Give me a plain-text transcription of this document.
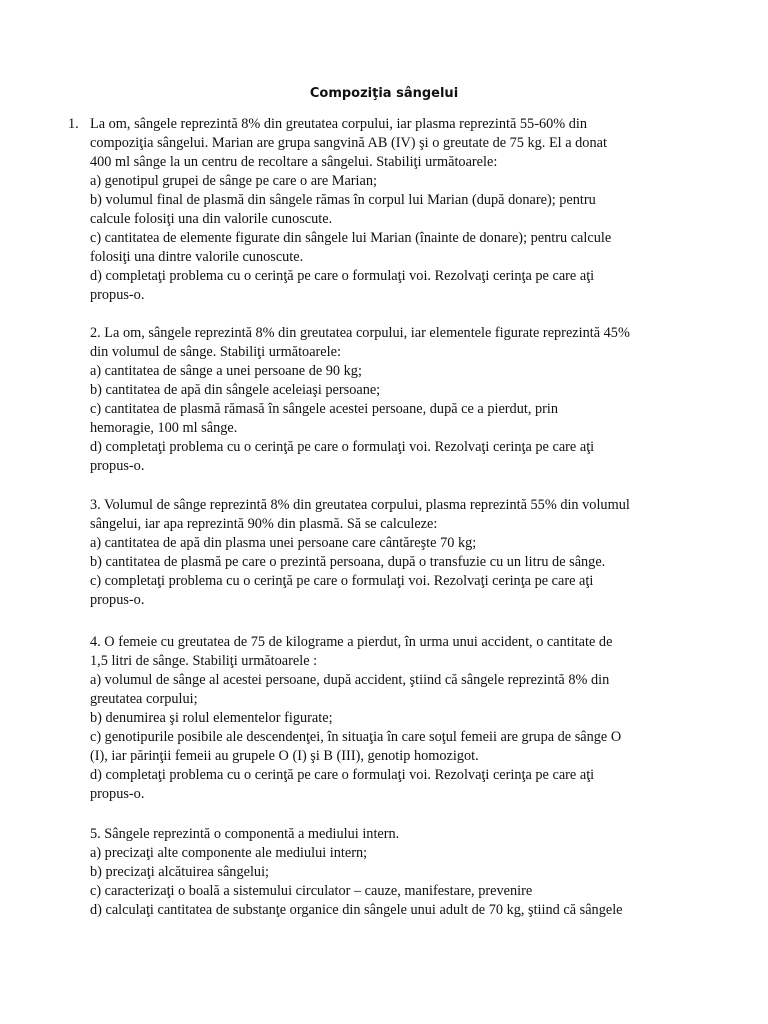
Compoziţia sângelui
1. La om, sângele reprezintă 8% din greutatea corpului, iar plasma reprezintă 55-60% din
compoziţia sângelui. Marian are grupa sangvină AB (IV) şi o greutate de 75 kg. El a donat
400 ml sânge la un centru de recoltare a sângelui. Stabiliţi următoarele:
a) genotipul grupei de sânge pe care o are Marian;
b) volumul final de plasmă din sângele rămas în corpul lui Marian (după donare); pentru
calcule folosiţi una din valorile cunoscute.
c) cantitatea de elemente figurate din sângele lui Marian (înainte de donare); pentru calcule
folosiţi una dintre valorile cunoscute.
d) completaţi problema cu o cerinţă pe care o formulaţi voi. Rezolvaţi cerinţa pe care aţi
propus-o.
2. La om, sângele reprezintă 8% din greutatea corpului, iar elementele figurate reprezintă 45%
din volumul de sânge. Stabiliţi următoarele:
a) cantitatea de sânge a unei persoane de 90 kg;
b) cantitatea de apă din sângele aceleiaşi persoane;
c) cantitatea de plasmă rămasă în sângele acestei persoane, după ce a pierdut, prin
hemoragie, 100 ml sânge.
d) completaţi problema cu o cerinţă pe care o formulaţi voi. Rezolvaţi cerinţa pe care aţi
propus-o.
3. Volumul de sânge reprezintă 8% din greutatea corpului, plasma reprezintă 55% din volumul
sângelui, iar apa reprezintă 90% din plasmă. Să se calculeze:
a) cantitatea de apă din plasma unei persoane care cântăreşte 70 kg;
b) cantitatea de plasmă pe care o prezintă persoana, după o transfuzie cu un litru de sânge.
c) completaţi problema cu o cerinţă pe care o formulaţi voi. Rezolvaţi cerinţa pe care aţi
propus-o.
4. O femeie cu greutatea de 75 de kilograme a pierdut, în urma unui accident, o cantitate de
1,5 litri de sânge. Stabiliţi următoarele :
a) volumul de sânge al acestei persoane, după accident, ştiind că sângele reprezintă 8% din
greutatea corpului;
b) denumirea şi rolul elementelor figurate;
c) genotipurile posibile ale descendenţei, în situaţia în care soţul femeii are grupa de sânge O
(I), iar părinţii femeii au grupele O (I) şi B (III), genotip homozigot.
d) completaţi problema cu o cerinţă pe care o formulaţi voi. Rezolvaţi cerinţa pe care aţi
propus-o.
5. Sângele reprezintă o componentă a mediului intern.
a) precizaţi alte componente ale mediului intern;
b) precizaţi alcătuirea sângelui;
c) caracterizaţi o boală a sistemului circulator – cauze, manifestare, prevenire
d) calculaţi cantitatea de substanţe organice din sângele unui adult de 70 kg, ştiind că sângele
